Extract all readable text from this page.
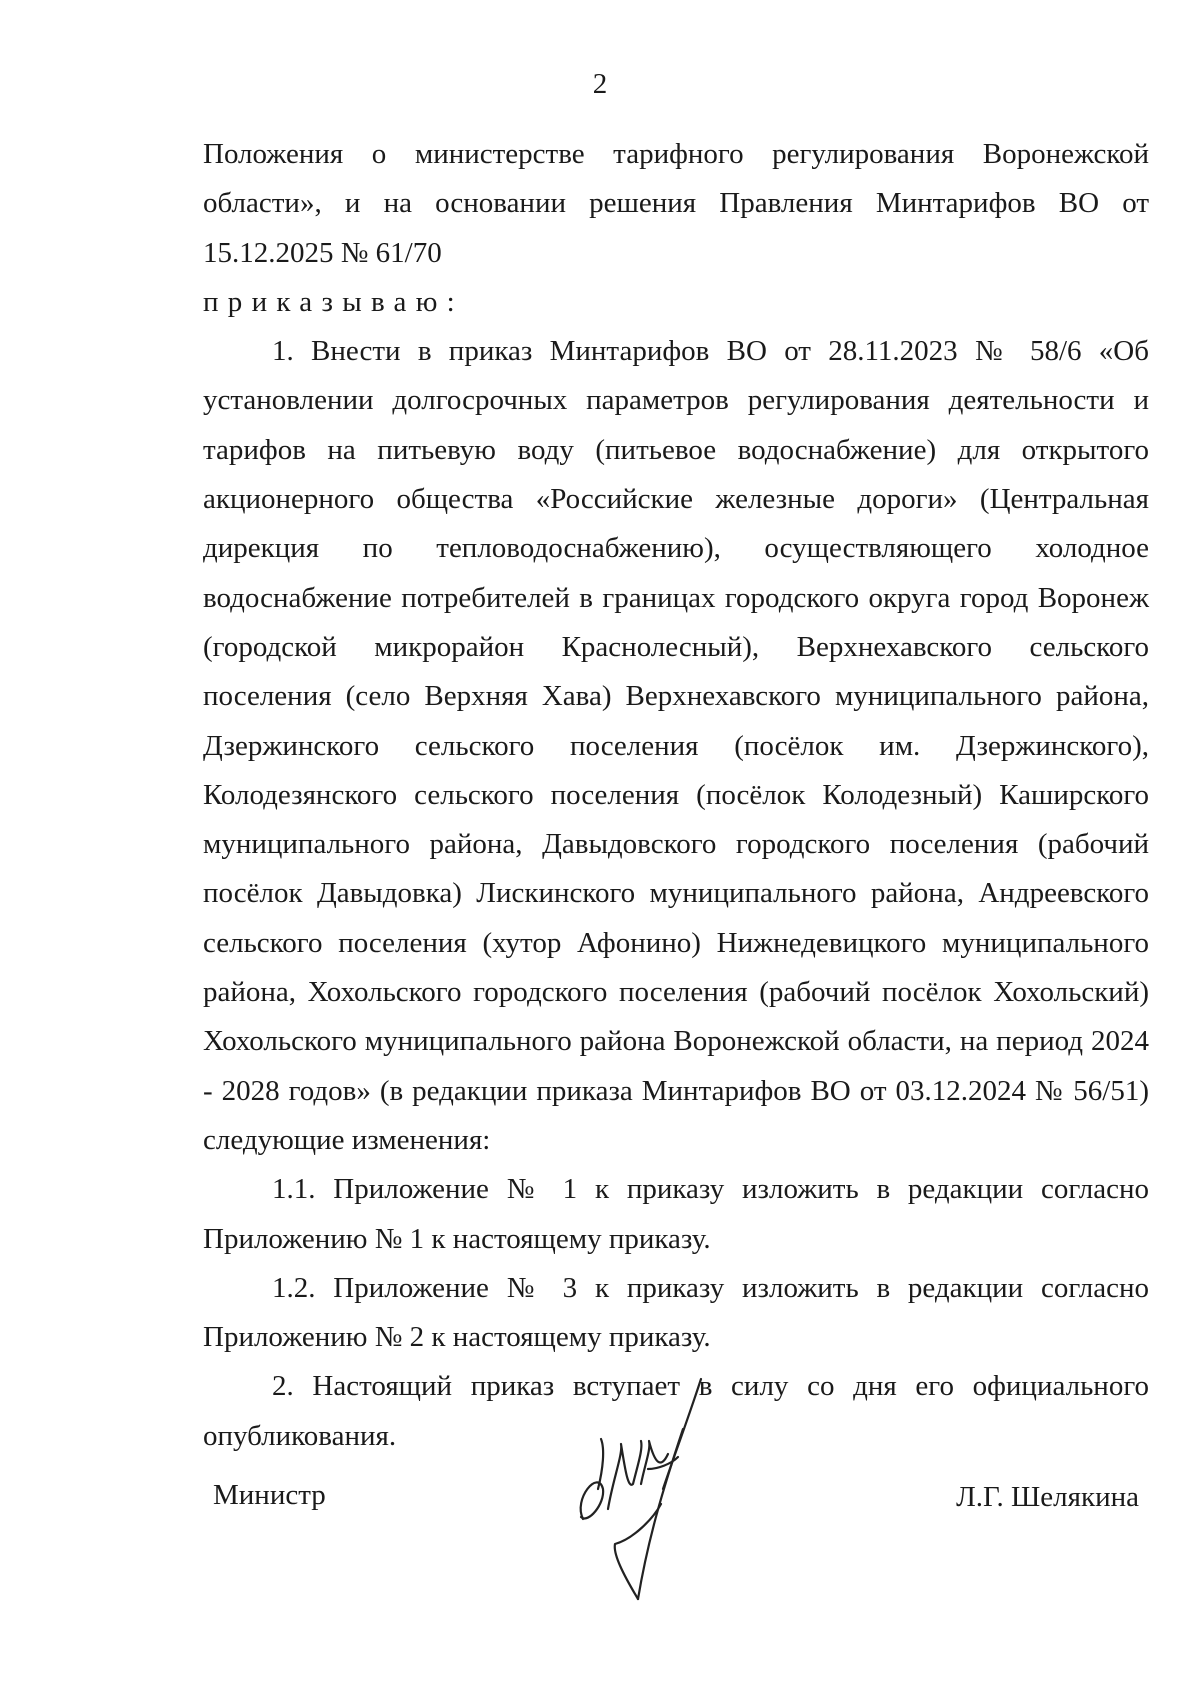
2

Положения о министерстве тарифного регулирования Воронежской области», и на основании решения Правления Минтарифов ВО от 15.12.2025 № 61/70

приказываю:

1. Внести в приказ Минтарифов ВО от 28.11.2023 № 58/6 «Об установлении долгосрочных параметров регулирования деятельности и тарифов на питьевую воду (питьевое водоснабжение) для открытого акционерного общества «Российские железные дороги» (Центральная дирекция по тепловодоснабжению), осуществляющего холодное водоснабжение потребителей в границах городского округа город Воронеж (городской микрорайон Краснолесный), Верхнехавского сельского поселения (село Верхняя Хава) Верхнехавского муниципального района, Дзержинского сельского поселения (посёлок им. Дзержинского), Колодезянского сельского поселения (посёлок Колодезный) Каширского муниципального района, Давыдовского городского поселения (рабочий посёлок Давыдовка) Лискинского муниципального района, Андреевского сельского поселения (хутор Афонино) Нижнедевицкого муниципального района, Хохольского городского поселения (рабочий посёлок Хохольский) Хохольского муниципального района Воронежской области, на период 2024 - 2028 годов» (в редакции приказа Минтарифов ВО от 03.12.2024 № 56/51) следующие изменения:

1.1. Приложение № 1 к приказу изложить в редакции согласно Приложению № 1 к настоящему приказу.

1.2. Приложение № 3 к приказу изложить в редакции согласно Приложению № 2 к настоящему приказу.

2. Настоящий приказ вступает в силу со дня его официального опубликования.

Министр	Л.Г. Шелякина
